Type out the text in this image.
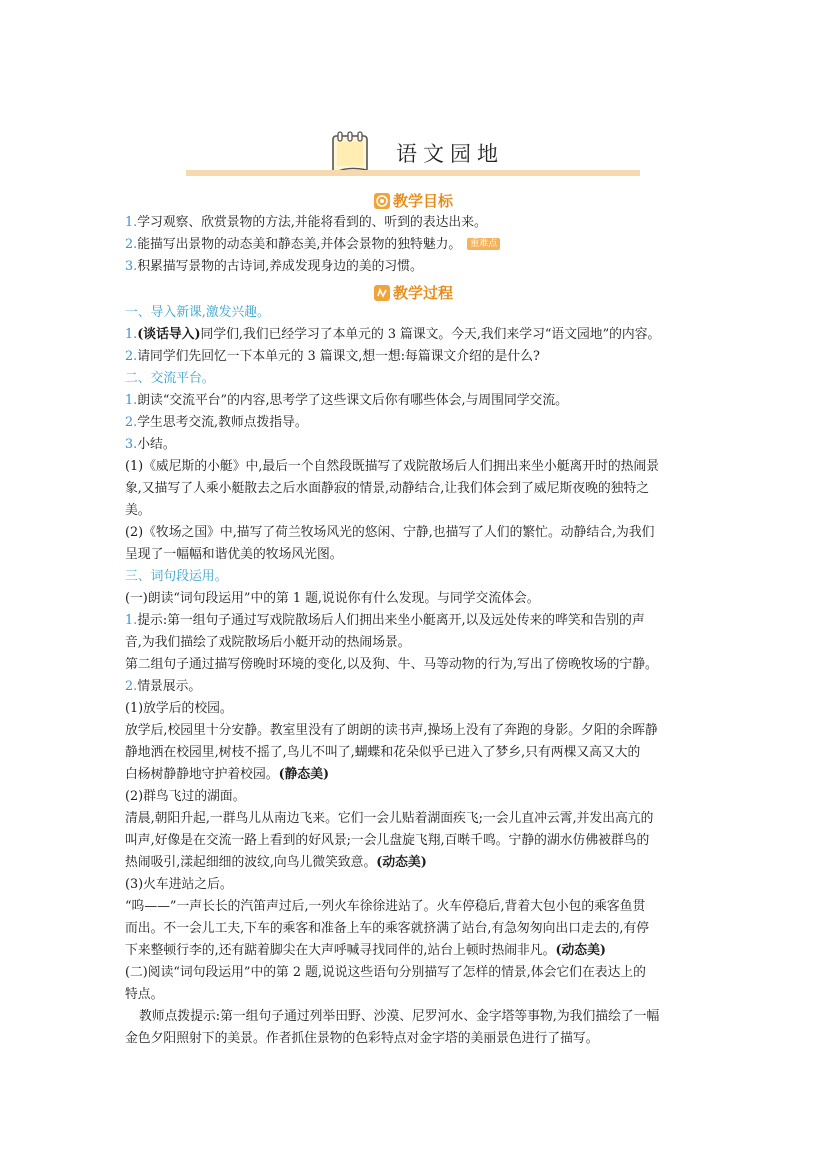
语文园地
教学目标
1.学习观察、欣赏景物的方法,并能将看到的、听到的表达出来。
2.能描写出景物的动态美和静态美,并体会景物的独特魅力。 重难点
3.积累描写景物的古诗词,养成发现身边的美的习惯。
教学过程
一、导入新课,激发兴趣。
1.(谈话导入)同学们,我们已经学习了本单元的 3 篇课文。今天,我们来学习“语文园地”的内容。
2.请同学们先回忆一下本单元的 3 篇课文,想一想:每篇课文介绍的是什么?
二、交流平台。
1.朗读“交流平台”的内容,思考学了这些课文后你有哪些体会,与周围同学交流。
2.学生思考交流,教师点拨指导。
3.小结。
(1)《威尼斯的小艇》中,最后一个自然段既描写了戏院散场后人们拥出来坐小艇离开时的热闹景
象,又描写了人乘小艇散去之后水面静寂的情景,动静结合,让我们体会到了威尼斯夜晚的独特之
美。
(2)《牧场之国》中,描写了荷兰牧场风光的悠闲、宁静,也描写了人们的繁忙。动静结合,为我们
呈现了一幅幅和谐优美的牧场风光图。
三、词句段运用。
(一)朗读“词句段运用”中的第 1 题,说说你有什么发现。与同学交流体会。
1.提示:第一组句子通过写戏院散场后人们拥出来坐小艇离开,以及远处传来的哗笑和告别的声
音,为我们描绘了戏院散场后小艇开动的热闹场景。
第二组句子通过描写傍晚时环境的变化,以及狗、牛、马等动物的行为,写出了傍晚牧场的宁静。
2.情景展示。
(1)放学后的校园。
放学后,校园里十分安静。教室里没有了朗朗的读书声,操场上没有了奔跑的身影。夕阳的余晖静
静地洒在校园里,树枝不摇了,鸟儿不叫了,蝴蝶和花朵似乎已进入了梦乡,只有两棵又高又大的
白杨树静静地守护着校园。(静态美)
(2)群鸟飞过的湖面。
清晨,朝阳升起,一群鸟儿从南边飞来。它们一会儿贴着湖面疾飞;一会儿直冲云霄,并发出高亢的
叫声,好像是在交流一路上看到的好风景;一会儿盘旋飞翔,百啭千鸣。宁静的湖水仿佛被群鸟的
热闹吸引,漾起细细的波纹,向鸟儿微笑致意。(动态美)
(3)火车进站之后。
“呜——”一声长长的汽笛声过后,一列火车徐徐进站了。火车停稳后,背着大包小包的乘客鱼贯
而出。不一会儿工夫,下车的乘客和准备上车的乘客就挤满了站台,有急匆匆向出口走去的,有停
下来整顿行李的,还有踮着脚尖在大声呼喊寻找同伴的,站台上顿时热闹非凡。(动态美)
(二)阅读“词句段运用”中的第 2 题,说说这些语句分别描写了怎样的情景,体会它们在表达上的
特点。
教师点拨提示:第一组句子通过列举田野、沙漠、尼罗河水、金字塔等事物,为我们描绘了一幅
金色夕阳照射下的美景。作者抓住景物的色彩特点对金字塔的美丽景色进行了描写。
